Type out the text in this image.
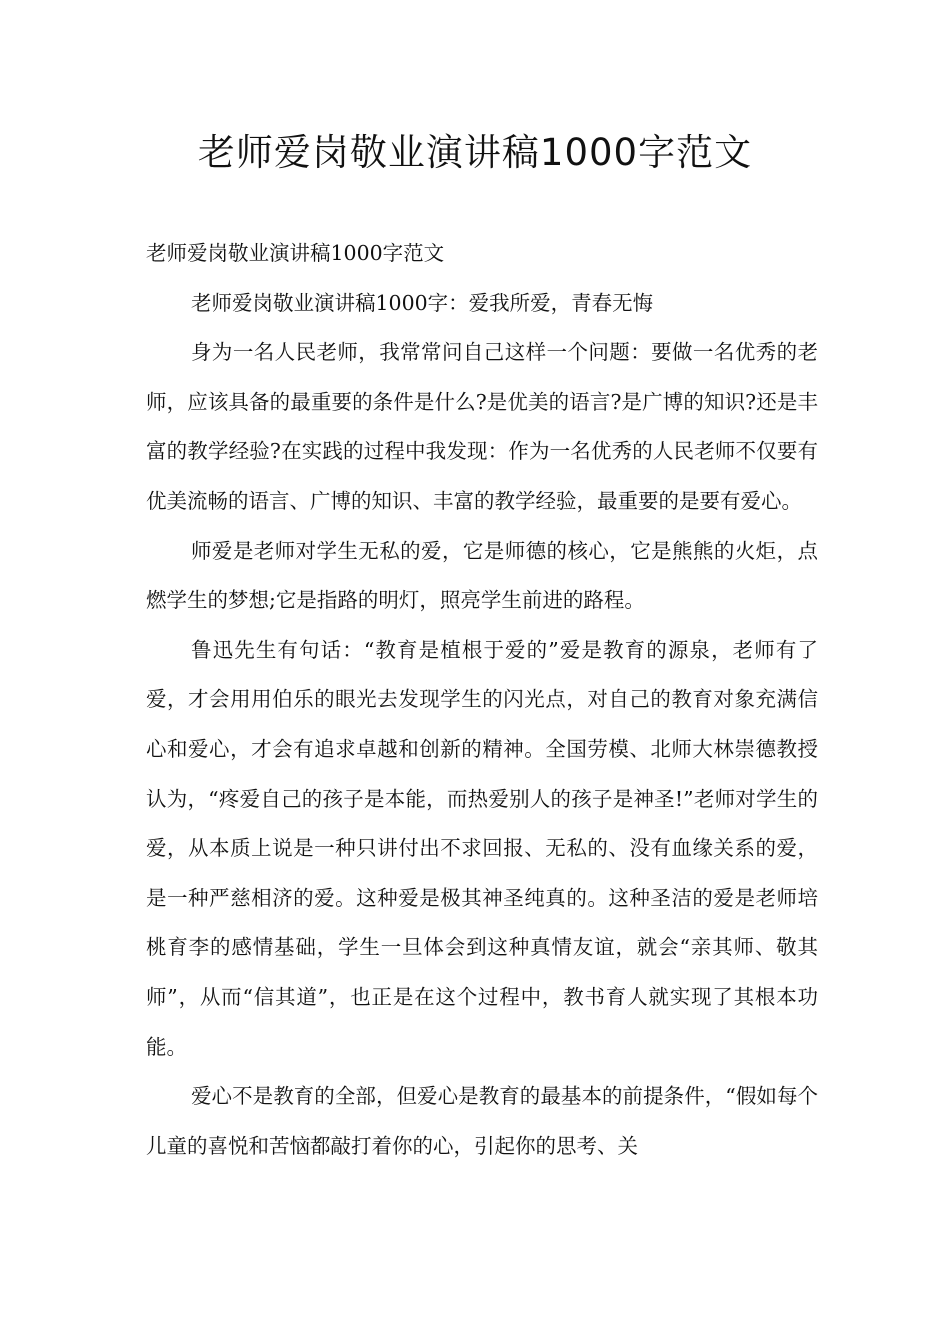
老师爱岗敬业演讲稿1000字范文

老师爱岗敬业演讲稿1000字范文

老师爱岗敬业演讲稿1000字：爱我所爱，青春无悔

身为一名人民老师，我常常问自己这样一个问题：要做一名优秀的老师，应该具备的最重要的条件是什么?是优美的语言?是广博的知识?还是丰富的教学经验?在实践的过程中我发现：作为一名优秀的人民老师不仅要有优美流畅的语言、广博的知识、丰富的教学经验，最重要的是要有爱心。

师爱是老师对学生无私的爱，它是师德的核心，它是熊熊的火炬，点燃学生的梦想;它是指路的明灯，照亮学生前进的路程。

鲁迅先生有句话：“教育是植根于爱的”爱是教育的源泉，老师有了爱，才会用用伯乐的眼光去发现学生的闪光点，对自己的教育对象充满信心和爱心，才会有追求卓越和创新的精神。全国劳模、北师大林崇德教授认为，“疼爱自己的孩子是本能，而热爱别人的孩子是神圣!”老师对学生的爱，从本质上说是一种只讲付出不求回报、无私的、没有血缘关系的爱，是一种严慈相济的爱。这种爱是极其神圣纯真的。这种圣洁的爱是老师培桃育李的感情基础，学生一旦体会到这种真情友谊，就会“亲其师、敬其师”，从而“信其道”，也正是在这个过程中，教书育人就实现了其根本功能。

爱心不是教育的全部，但爱心是教育的最基本的前提条件，“假如每个儿童的喜悦和苦恼都敲打着你的心，引起你的思考、关
